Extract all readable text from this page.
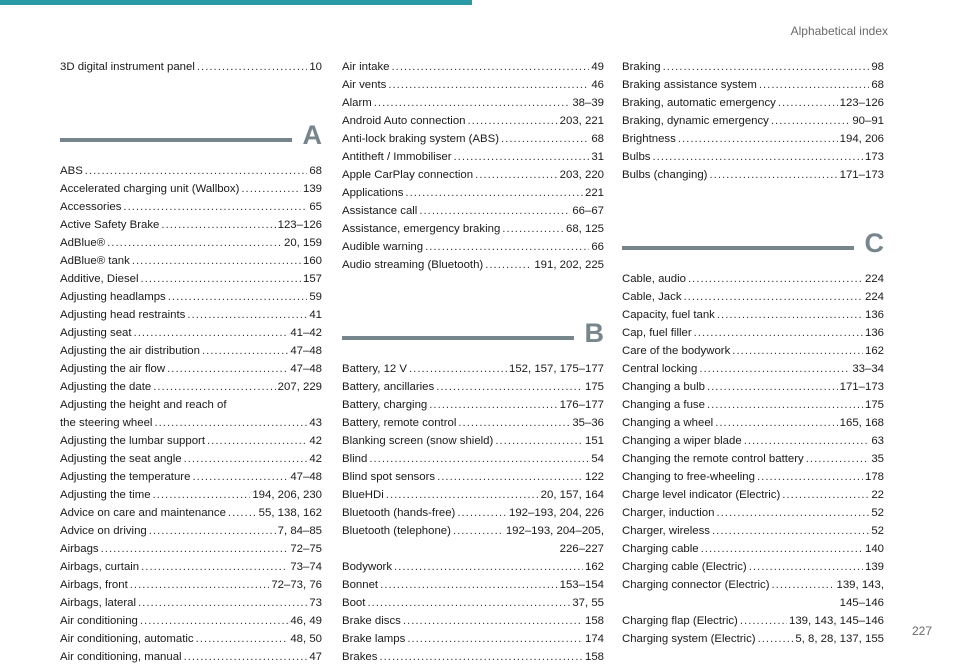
Alphabetical index
3D digital instrument panel .....	10
A
ABS .....	68
Accelerated charging unit (Wallbox) .....	139
Accessories .....	65
Active Safety Brake .....	123–126
AdBlue® .....	20, 159
AdBlue® tank .....	160
Additive, Diesel .....	157
Adjusting headlamps .....	59
Adjusting head restraints .....	41
Adjusting seat .....	41–42
Adjusting the air distribution .....	47–48
Adjusting the air flow .....	47–48
Adjusting the date .....	207, 229
Adjusting the height and reach of
the steering wheel .....	43
Adjusting the lumbar support .....	42
Adjusting the seat angle .....	42
Adjusting the temperature .....	47–48
Adjusting the time .....	194, 206, 230
Advice on care and maintenance .....	55, 138, 162
Advice on driving .....	7, 84–85
Airbags .....	72–75
Airbags, curtain .....	73–74
Airbags, front .....	72–73, 76
Airbags, lateral .....	73
Air conditioning .....	46, 49
Air conditioning, automatic .....	48, 50
Air conditioning, manual .....	47
Air intake .....	49
Air vents .....	46
Alarm .....	38–39
Android Auto connection .....	203, 221
Anti-lock braking system (ABS) .....	68
Antitheft / Immobiliser .....	31
Apple CarPlay connection .....	203, 220
Applications .....	221
Assistance call .....	66–67
Assistance, emergency braking .....	68, 125
Audible warning .....	66
Audio streaming (Bluetooth) .....	191, 202, 225
B
Battery, 12 V .....	152, 157, 175–177
Battery, ancillaries .....	175
Battery, charging .....	176–177
Battery, remote control .....	35–36
Blanking screen (snow shield) .....	151
Blind .....	54
Blind spot sensors .....	122
BlueHDi .....	20, 157, 164
Bluetooth (hands-free) .....	192–193, 204, 226
Bluetooth (telephone) .....	192–193, 204–205,
226–227
Bodywork .....	162
Bonnet .....	153–154
Boot .....	37, 55
Brake discs .....	158
Brake lamps .....	174
Brakes .....	158
Braking .....	98
Braking assistance system .....	68
Braking, automatic emergency .....	123–126
Braking, dynamic emergency .....	90–91
Brightness .....	194, 206
Bulbs .....	173
Bulbs (changing) .....	171–173
C
Cable, audio .....	224
Cable, Jack .....	224
Capacity, fuel tank .....	136
Cap, fuel filler .....	136
Care of the bodywork .....	162
Central locking .....	33–34
Changing a bulb .....	171–173
Changing a fuse .....	175
Changing a wheel .....	165, 168
Changing a wiper blade .....	63
Changing the remote control battery .....	35
Changing to free-wheeling .....	178
Charge level indicator (Electric) .....	22
Charger, induction .....	52
Charger, wireless .....	52
Charging cable .....	140
Charging cable (Electric) .....	139
Charging connector (Electric) .....	139, 143,
145–146
Charging flap (Electric) .....	139, 143, 145–146
Charging system (Electric) .....	5, 8, 28, 137, 155
227
